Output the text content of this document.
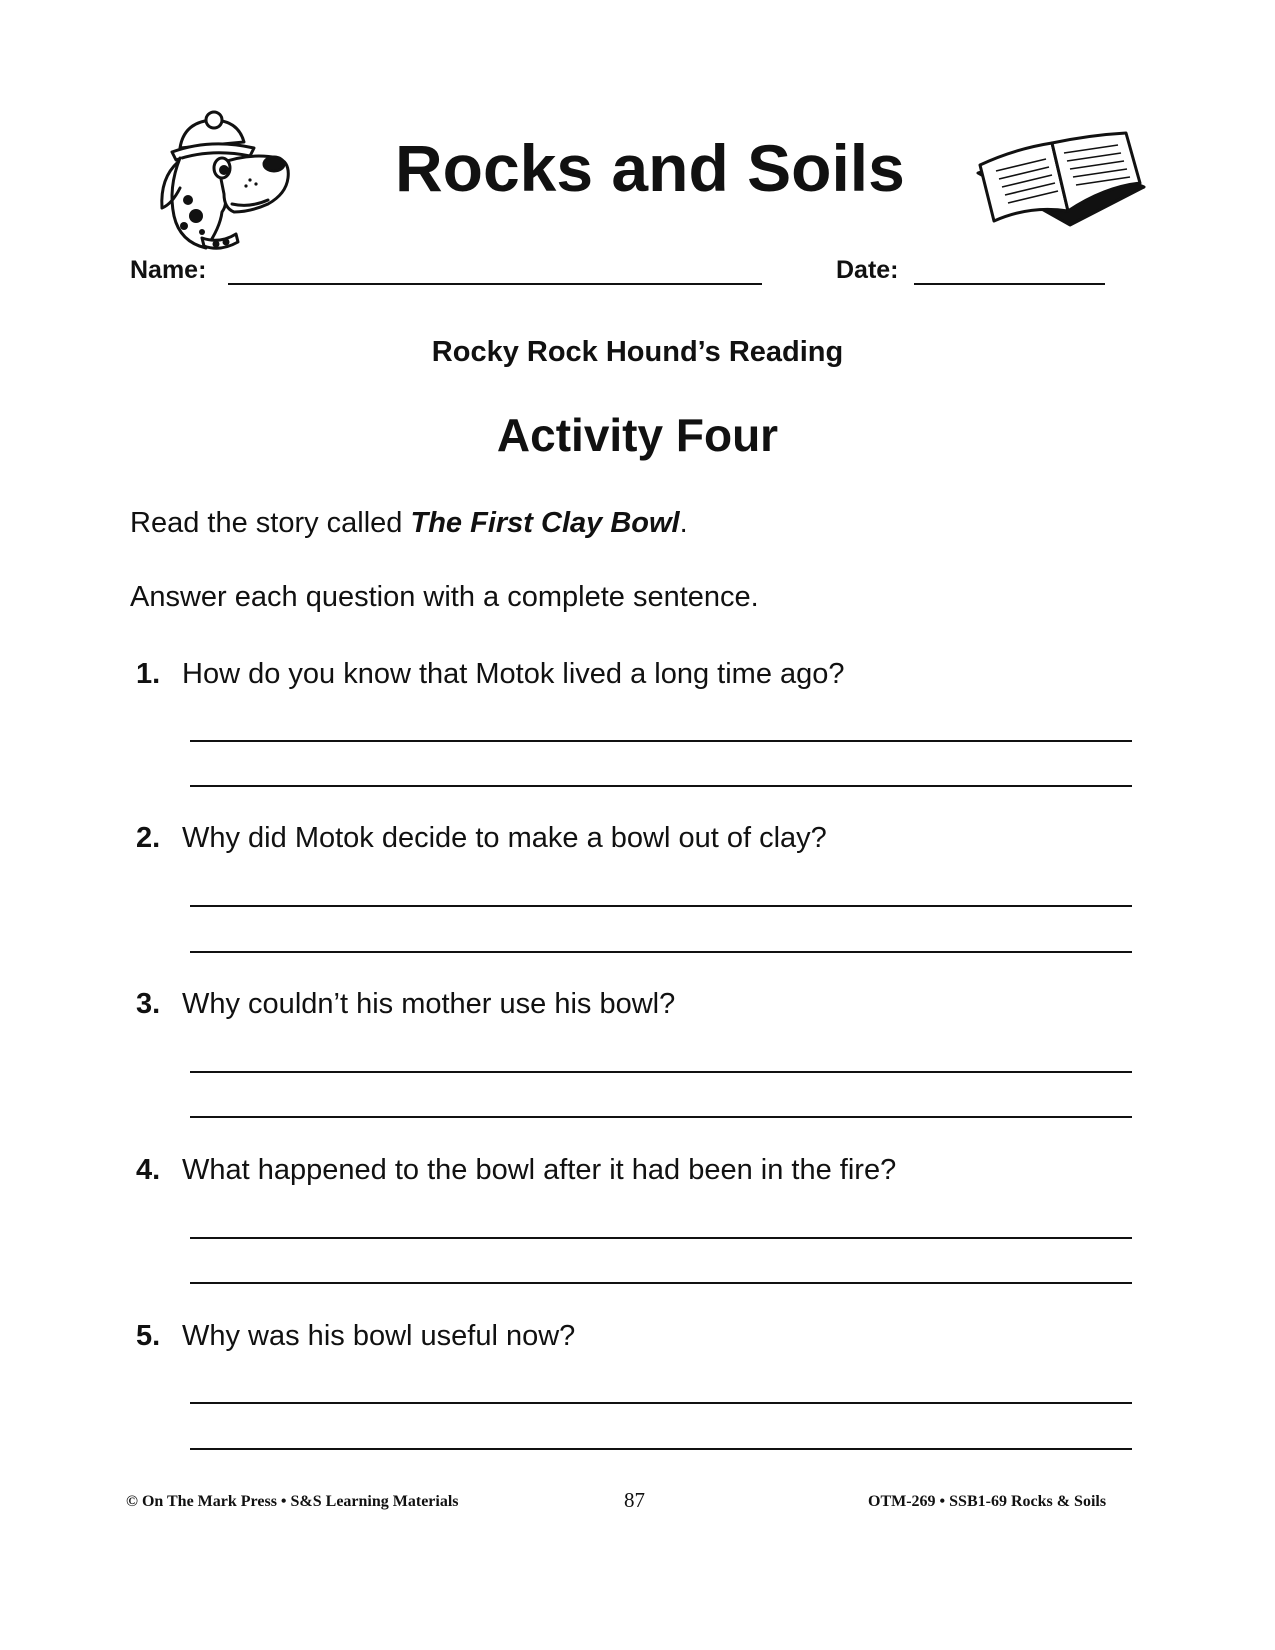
Rocks and Soils
Name:	Date:
Rocky Rock Hound’s Reading
Activity Four
Read the story called The First Clay Bowl.
Answer each question with a complete sentence.
1. How do you know that Motok lived a long time ago?
2. Why did Motok decide to make a bowl out of clay?
3. Why couldn’t his mother use his bowl?
4. What happened to the bowl after it had been in the fire?
5. Why was his bowl useful now?
© On The Mark Press • S&S Learning Materials	87	OTM-269 • SSB1-69 Rocks & Soils
